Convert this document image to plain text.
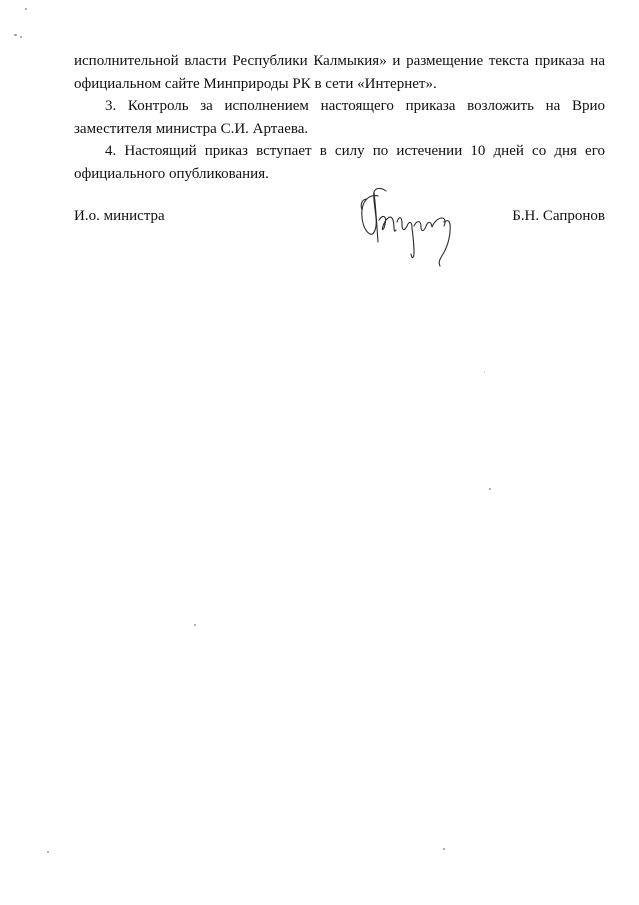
исполнительной власти Республики Калмыкия» и размещение текста приказа на
официальном сайте Минприроды РК в сети «Интернет».
3. Контроль за исполнением настоящего приказа возложить на Врио
заместителя министра С.И. Артаева.
4. Настоящий приказ вступает в силу по истечении 10 дней со дня его
официального опубликования.
И.о. министра	Б.Н. Сапронов
